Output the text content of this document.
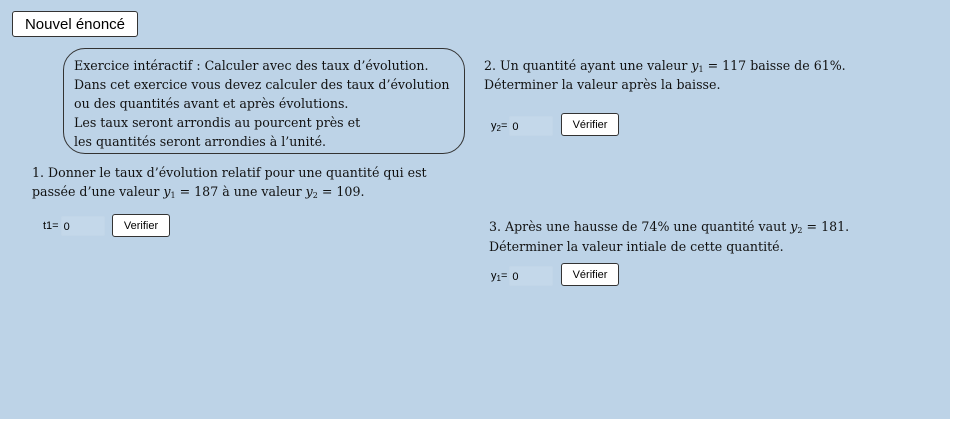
Nouvel énoncé
Exercice intéractif : Calculer avec des taux d’évolution.
Dans cet exercice vous devez calculer des taux d’évolution
ou des quantités avant et après évolutions.
Les taux seront arrondis au pourcent près et
les quantités seront arrondies à l’unité.
1. Donner le taux d’évolution relatif pour une quantité qui est
passée d’une valeur $y_1 = 187$ à une valeur $y_2 = 109$.
t1= 0	Verifier
2. Un quantité ayant une valeur $y_1 = 117$ baisse de 61%.
Déterminer la valeur après la baisse.
$y_2= 0$	Vérifier
3. Après une hausse de 74% une quantité vaut $y_2 = 181$.
Déterminer la valeur intiale de cette quantité.
$y_1= 0$	Vérifier
